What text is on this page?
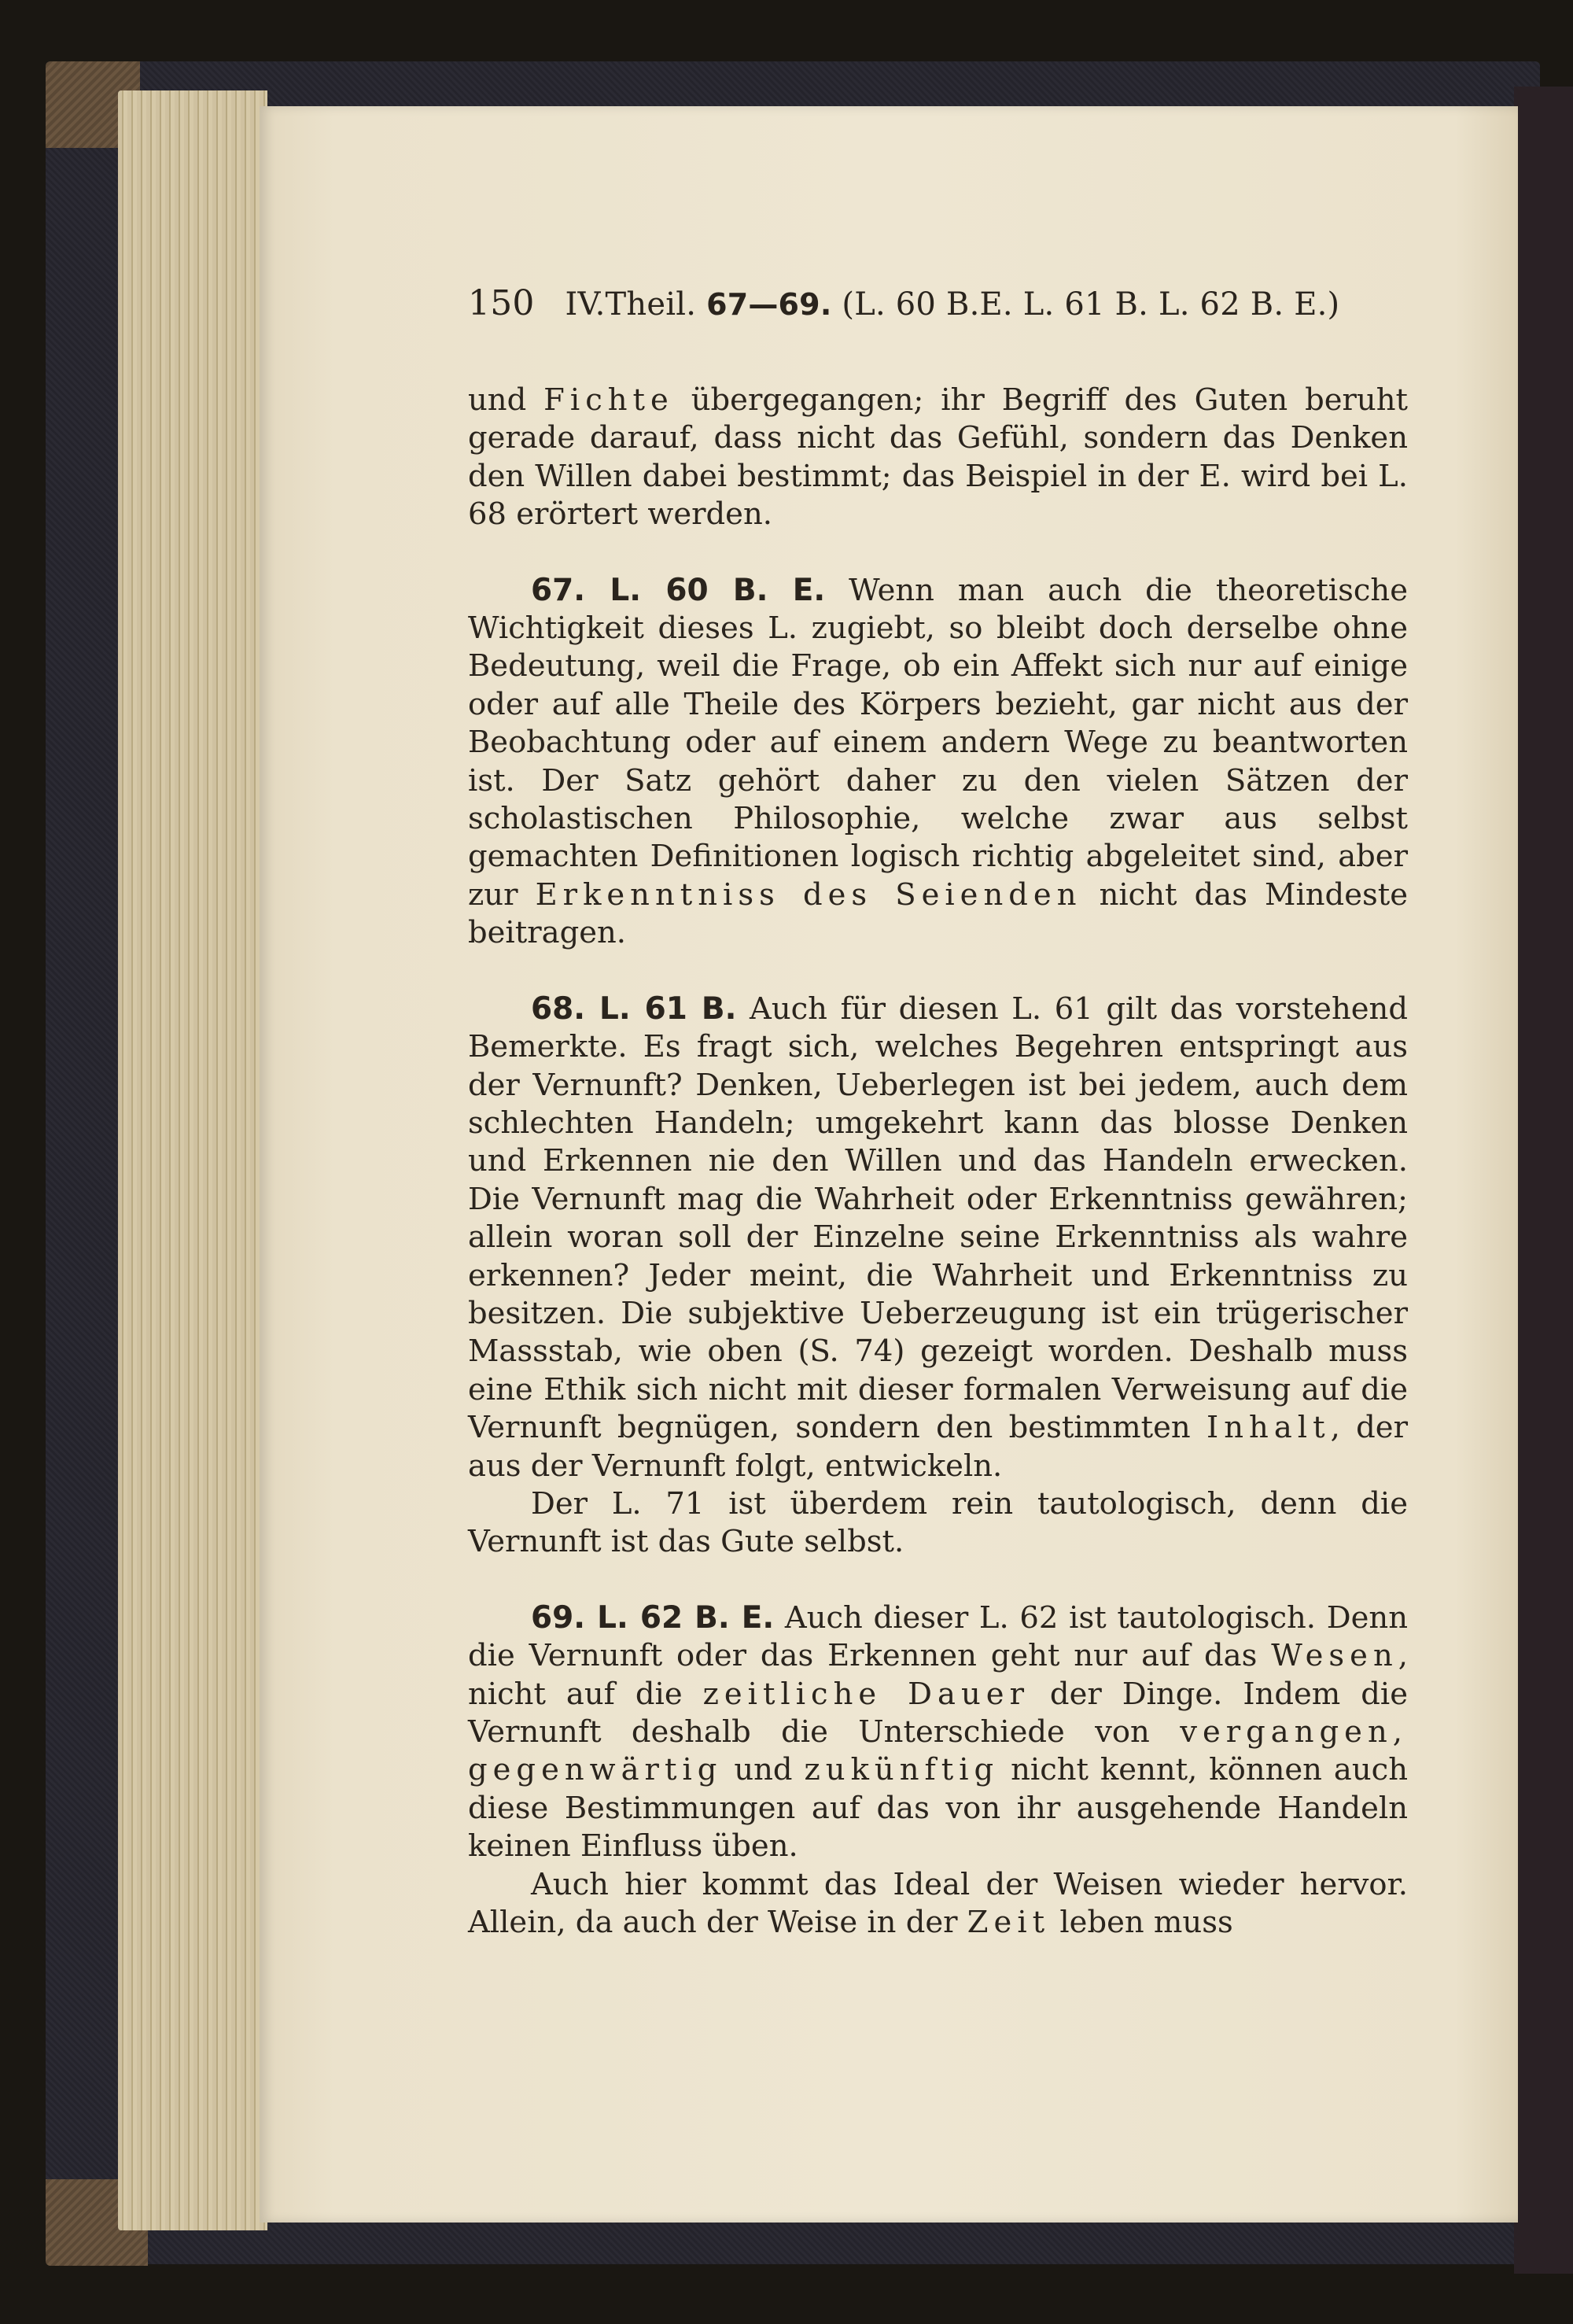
150 IV.Theil. 67—69. (L. 60 B.E. L. 61 B. L. 62 B. E.)

und Fichte übergegangen; ihr Begriff des Guten beruht gerade darauf, dass nicht das Gefühl, sondern das Denken den Willen dabei bestimmt; das Beispiel in der E. wird bei L. 68 erörtert werden.

67. L. 60 B. E. Wenn man auch die theoretische Wichtigkeit dieses L. zugiebt, so bleibt doch derselbe ohne Bedeutung, weil die Frage, ob ein Affekt sich nur auf einige oder auf alle Theile des Körpers bezieht, gar nicht aus der Beobachtung oder auf einem andern Wege zu beantworten ist. Der Satz gehört daher zu den vielen Sätzen der scholastischen Philosophie, welche zwar aus selbst gemachten Definitionen logisch richtig abgeleitet sind, aber zur Erkenntniss des Seienden nicht das Mindeste beitragen.

68. L. 61 B. Auch für diesen L. 61 gilt das vorstehend Bemerkte. Es fragt sich, welches Begehren entspringt aus der Vernunft? Denken, Ueberlegen ist bei jedem, auch dem schlechten Handeln; umgekehrt kann das blosse Denken und Erkennen nie den Willen und das Handeln erwecken. Die Vernunft mag die Wahrheit oder Erkenntniss gewähren; allein woran soll der Einzelne seine Erkenntniss als wahre erkennen? Jeder meint, die Wahrheit und Erkenntniss zu besitzen. Die subjektive Ueberzeugung ist ein trügerischer Massstab, wie oben (S. 74) gezeigt worden. Deshalb muss eine Ethik sich nicht mit dieser formalen Verweisung auf die Vernunft begnügen, sondern den bestimmten Inhalt, der aus der Vernunft folgt, entwickeln.

Der L. 71 ist überdem rein tautologisch, denn die Vernunft ist das Gute selbst.

69. L. 62 B. E. Auch dieser L. 62 ist tautologisch. Denn die Vernunft oder das Erkennen geht nur auf das Wesen, nicht auf die zeitliche Dauer der Dinge. Indem die Vernunft deshalb die Unterschiede von vergangen, gegenwärtig und zukünftig nicht kennt, können auch diese Bestimmungen auf das von ihr ausgehende Handeln keinen Einfluss üben.

Auch hier kommt das Ideal der Weisen wieder hervor. Allein, da auch der Weise in der Zeit leben muss
